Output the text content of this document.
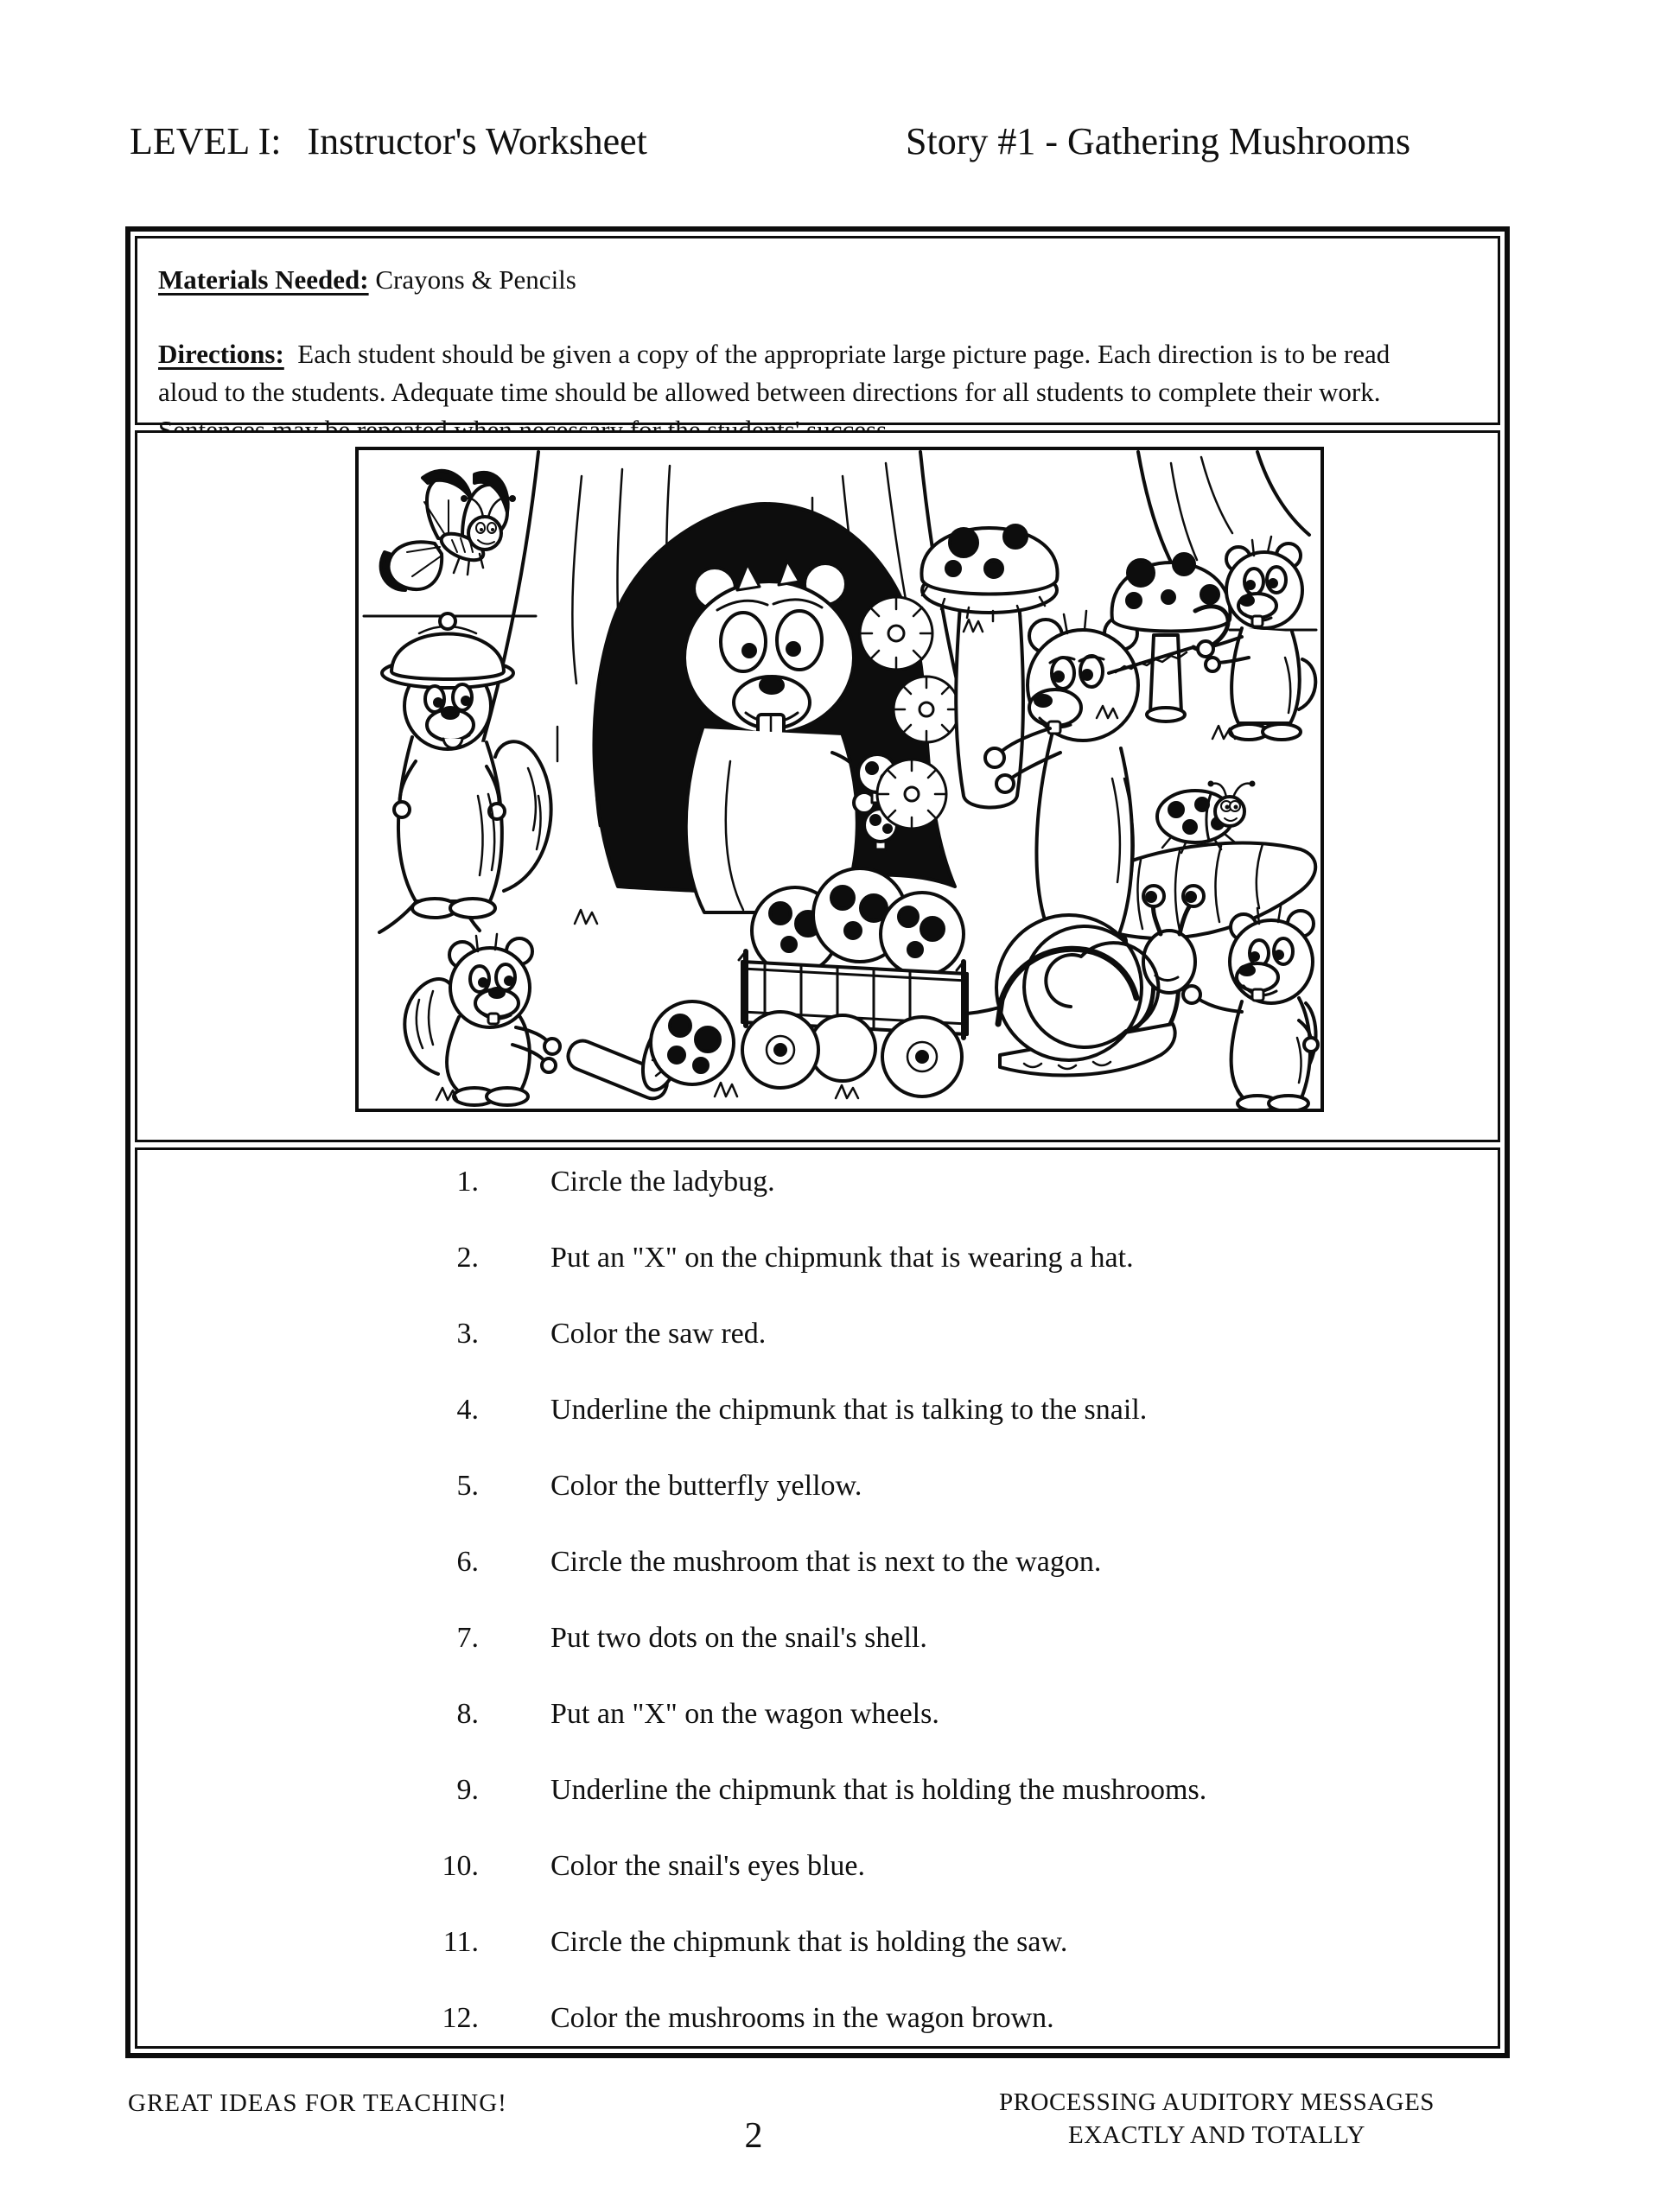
LEVEL I: Instructor's Worksheet	Story #1 - Gathering Mushrooms
Materials Needed: Crayons & Pencils
Directions: Each student should be given a copy of the appropriate large picture page. Each direction is to be read
aloud to the students. Adequate time should be allowed between directions for all students to complete their work.
1. Circle the ladybug.
2. Put an "X" on the chipmunk that is wearing a hat.
3. Color the saw red.
4. Underline the chipmunk that is talking to the snail.
5. Color the butterfly yellow.
6. Circle the mushroom that is next to the wagon.
7. Put two dots on the snail's shell.
8. Put an "X" on the wagon wheels.
9. Underline the chipmunk that is holding the mushrooms.
10. Color the snail's eyes blue.
11. Circle the chipmunk that is holding the saw.
12. Color the mushrooms in the wagon brown.
GREAT IDEAS FOR TEACHING!	PROCESSING AUDITORY MESSAGES
EXACTLY AND TOTALLY
2
